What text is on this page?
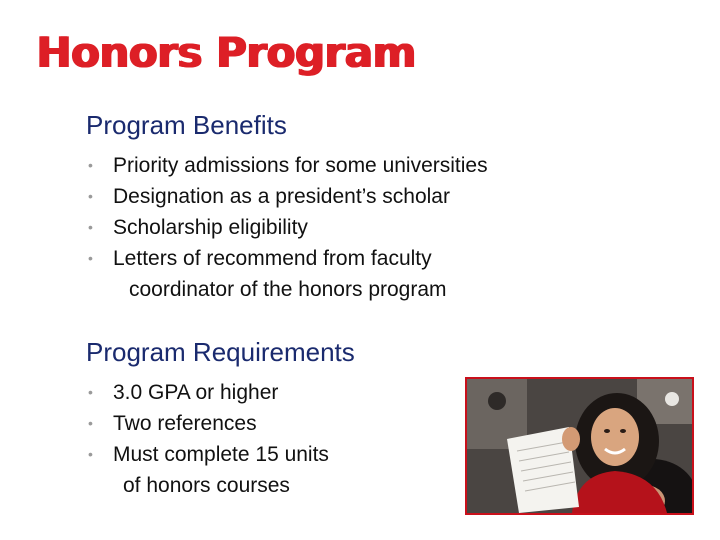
Honors Program
Program Benefits
• Priority admissions for some universities
• Designation as a president’s scholar
• Scholarship eligibility
• Letters of recommend from faculty
coordinator of the honors program
Program Requirements
• 3.0 GPA or higher
• Two references
• Must complete 15 units
of honors courses
